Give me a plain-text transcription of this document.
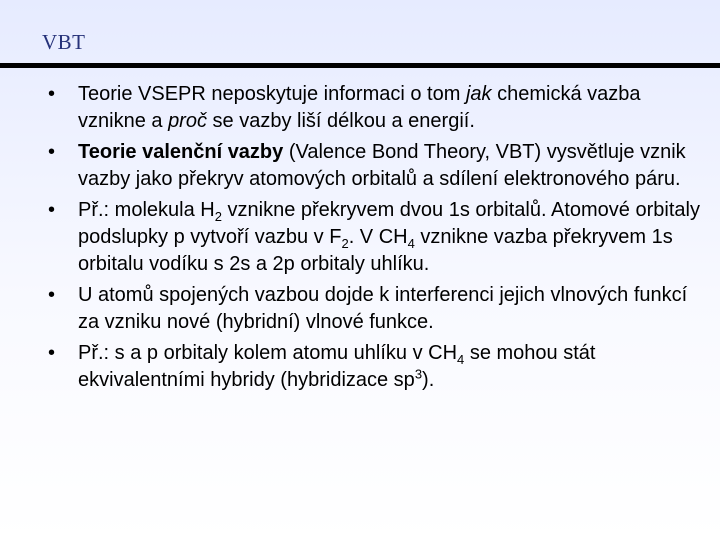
VBT
• Teorie VSEPR neposkytuje informaci o tom jak chemická vazba vznikne a proč se vazby liší délkou a energií.
• Teorie valenční vazby (Valence Bond Theory, VBT) vysvětluje vznik vazby jako překryv atomových orbitalů a sdílení elektronového páru.
• Př.: molekula $H_2$ vznikne překryvem dvou 1s orbitalů. Atomové orbitaly podslupky p vytvoří vazbu v $F_2$. V $CH_4$ vznikne vazba překryvem 1s orbitalu vodíku s 2s a 2p orbitaly uhlíku.
• U atomů spojených vazbou dojde k interferenci jejich vlnových funkcí za vzniku nové (hybridní) vlnové funkce.
• Př.: s a p orbitaly kolem atomu uhlíku v $CH_4$ se mohou stát ekvivalentními hybridy (hybridizace $sp^3$).
